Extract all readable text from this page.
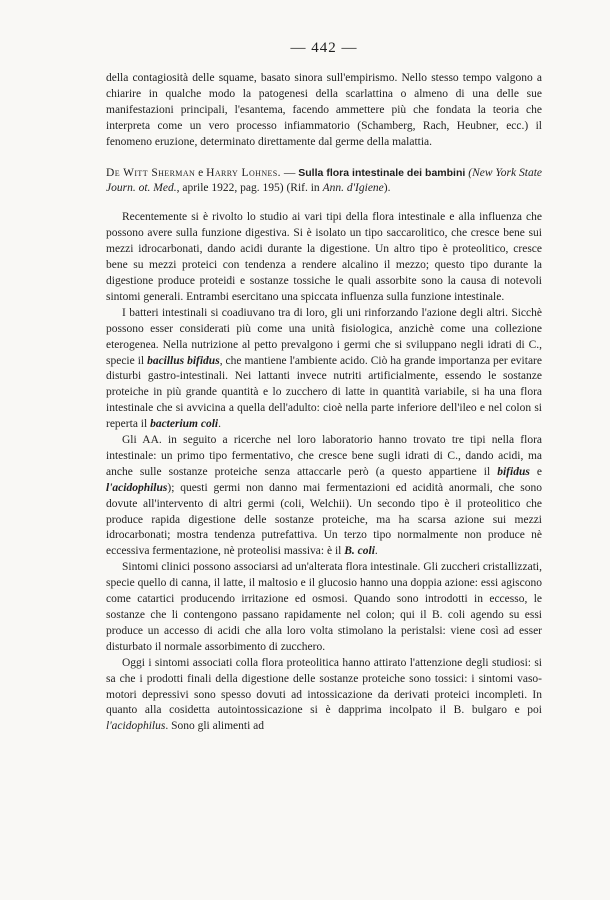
— 442 —

della contagiosità delle squame, basato sinora sull'empirismo. Nello stesso tempo valgono a chiarire in qualche modo la patogenesi della scarlattina o almeno di una delle sue manifestazioni principali, l'esantema, facendo ammettere più che fondata la teoria che interpreta come un vero processo infiammatorio (Schamberg, Rach, Heubner, ecc.) il fenomeno eruzione, determinato direttamente dal germe della malattia.

De Witt Sherman e Harry Lohnes. — Sulla flora intestinale dei bambini (New York State Journ. ot. Med., aprile 1922, pag. 195) (Rif. in Ann. d'Igiene).

Recentemente si è rivolto lo studio ai vari tipi della flora intestinale e alla influenza che possono avere sulla funzione digestiva. Si è isolato un tipo saccarolitico, che cresce bene sui mezzi idrocarbonati, dando acidi durante la digestione. Un altro tipo è proteolitico, cresce bene su mezzi proteici con tendenza a rendere alcalino il mezzo; questo tipo durante la digestione produce proteidi e sostanze tossiche le quali assorbite sono la causa di notevoli sintomi generali. Entrambi esercitano una spiccata influenza sulla funzione intestinale.

I batteri intestinali si coadiuvano tra di loro, gli uni rinforzando l'azione degli altri. Sicchè possono esser considerati più come una unità fisiologica, anzichè come una collezione eterogenea. Nella nutrizione al petto prevalgono i germi che si sviluppano negli idrati di C., specie il bacillus bifidus, che mantiene l'ambiente acido. Ciò ha grande importanza per evitare disturbi gastro-intestinali. Nei lattanti invece nutriti artificialmente, essendo le sostanze proteiche in più grande quantità e lo zucchero di latte in quantità variabile, si ha una flora intestinale che si avvicina a quella dell'adulto: cioè nella parte inferiore dell'ileo e nel colon si reperta il bacterium coli.

Gli AA. in seguito a ricerche nel loro laboratorio hanno trovato tre tipi nella flora intestinale: un primo tipo fermentativo, che cresce bene sugli idrati di C., dando acidi, ma anche sulle sostanze proteiche senza attaccarle però (a questo appartiene il bifidus e l'acidophilus); questi germi non danno mai fermentazioni ed acidità anormali, che sono dovute all'intervento di altri germi (coli, Welchii). Un secondo tipo è il proteolitico che produce rapida digestione delle sostanze proteiche, ma ha scarsa azione sui mezzi idrocarbonati; mostra tendenza putrefattiva. Un terzo tipo normalmente non produce nè eccessiva fermentazione, nè proteolisi massiva: è il B. coli.

Sintomi clinici possono associarsi ad un'alterata flora intestinale. Gli zuccheri cristallizzati, specie quello di canna, il latte, il maltosio e il glucosio hanno una doppia azione: essi agiscono come catartici producendo irritazione ed osmosi. Quando sono introdotti in eccesso, le sostanze che li contengono passano rapidamente nel colon; qui il B. coli agendo su essi produce un accesso di acidi che alla loro volta stimolano la peristalsi: viene così ad esser disturbato il normale assorbimento di zucchero.

Oggi i sintomi associati colla flora proteolitica hanno attirato l'attenzione degli studiosi: si sa che i prodotti finali della digestione delle sostanze proteiche sono tossici: i sintomi vaso-motori depressivi sono spesso dovuti ad intossicazione da derivati proteici incompleti. In quanto alla cosidetta autointossicazione si è dapprima incolpato il B. bulgaro e poi l'acidophilus. Sono gli alimenti ad
